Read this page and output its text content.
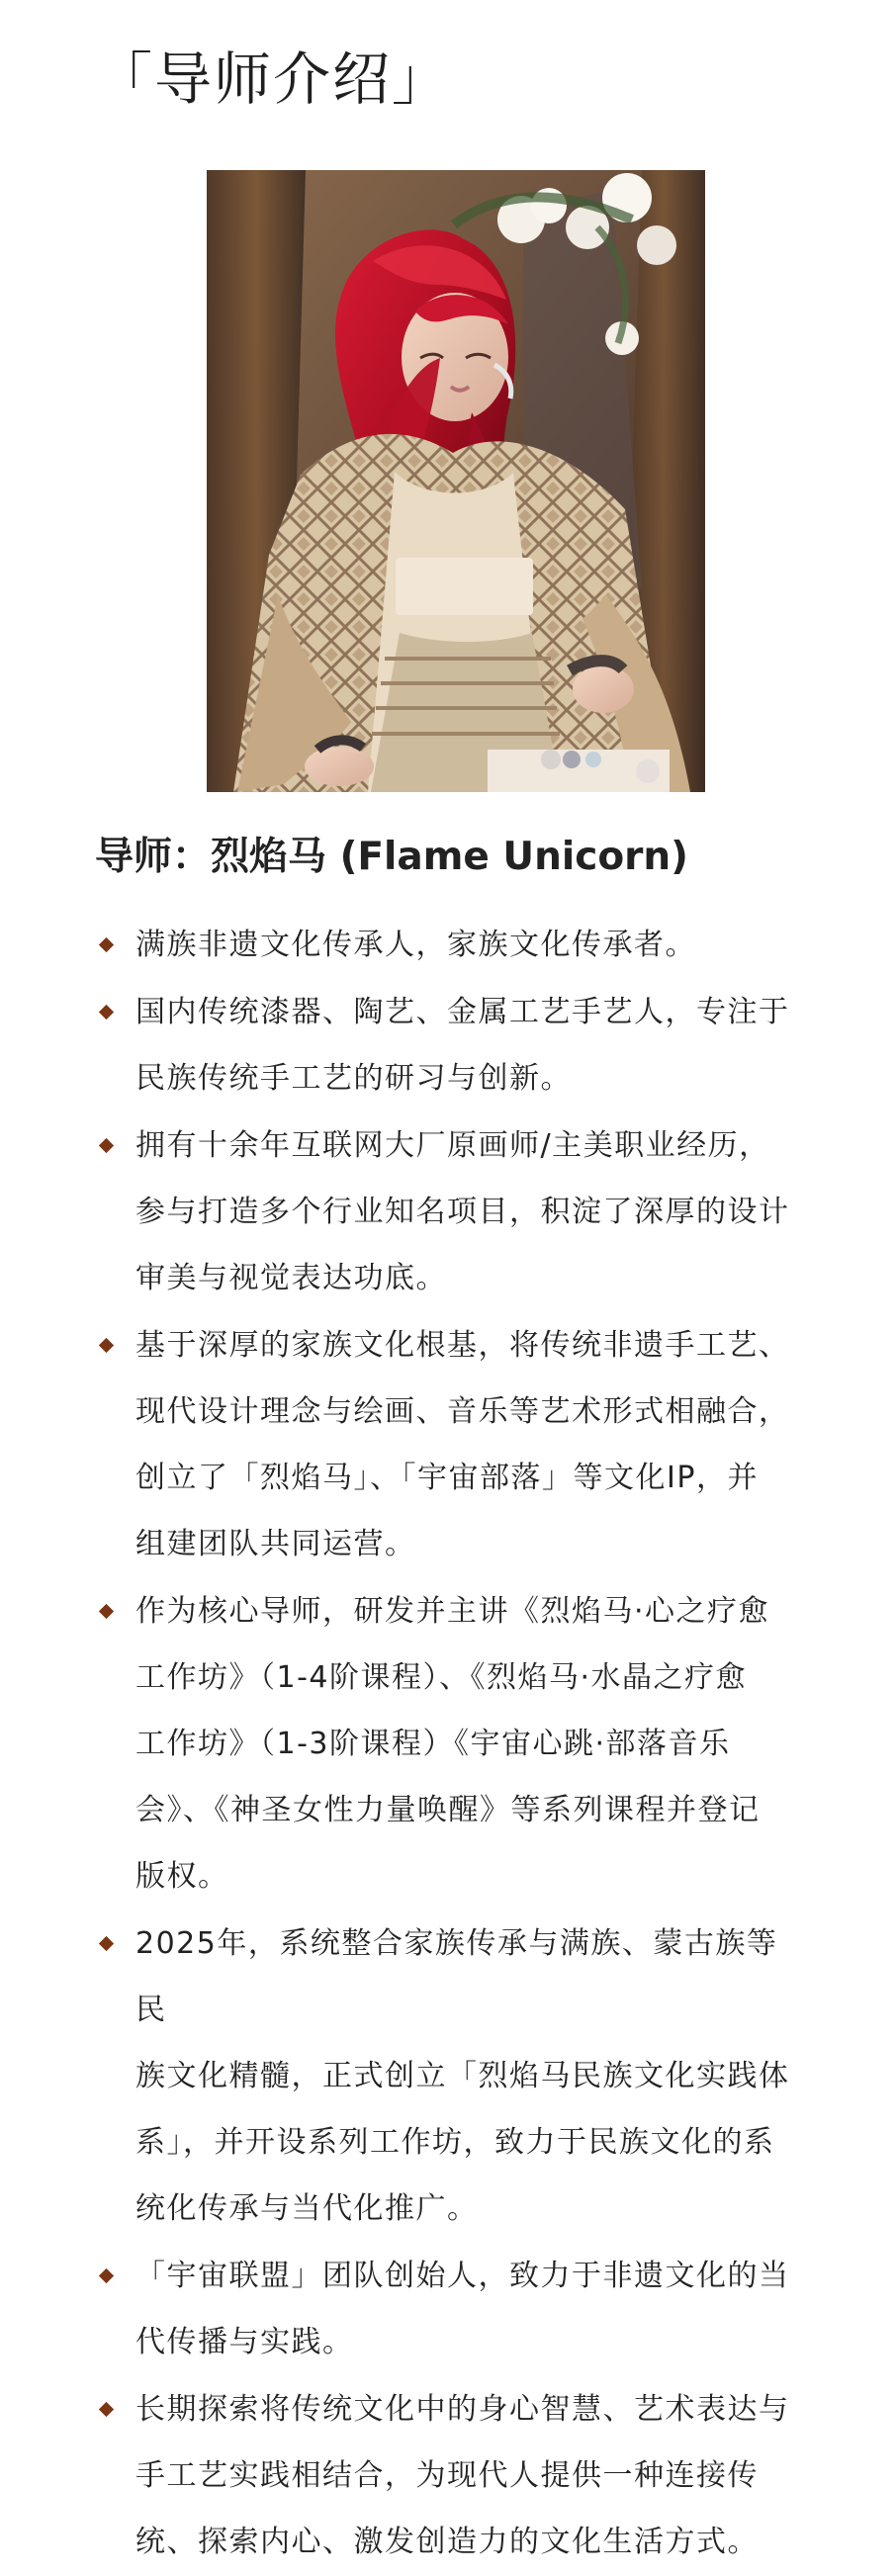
「导师介绍」
导师：烈焰马 (Flame Unicorn)
满族非遗文化传承人，家族文化传承者。
国内传统漆器、陶艺、金属工艺手艺人，专注于
民族传统手工艺的研习与创新。
拥有十余年互联网大厂原画师/主美职业经历，
参与打造多个行业知名项目，积淀了深厚的设计
审美与视觉表达功底。
基于深厚的家族文化根基，将传统非遗手工艺、
现代设计理念与绘画、音乐等艺术形式相融合，
创立了「烈焰马」、「宇宙部落」等文化IP，并
组建团队共同运营。
作为核心导师，研发并主讲《烈焰马·心之疗愈
工作坊》（1-4阶课程）、《烈焰马·水晶之疗愈
工作坊》（1-3阶课程）《宇宙心跳·部落音乐
会》、《神圣女性力量唤醒》等系列课程并登记
版权。
2025年，系统整合家族传承与满族、蒙古族等民
族文化精髓，正式创立「烈焰马民族文化实践体
系」，并开设系列工作坊，致力于民族文化的系
统化传承与当代化推广。
「宇宙联盟」团队创始人，致力于非遗文化的当
代传播与实践。
长期探索将传统文化中的身心智慧、艺术表达与
手工艺实践相结合，为现代人提供一种连接传
统、探索内心、激发创造力的文化生活方式。
